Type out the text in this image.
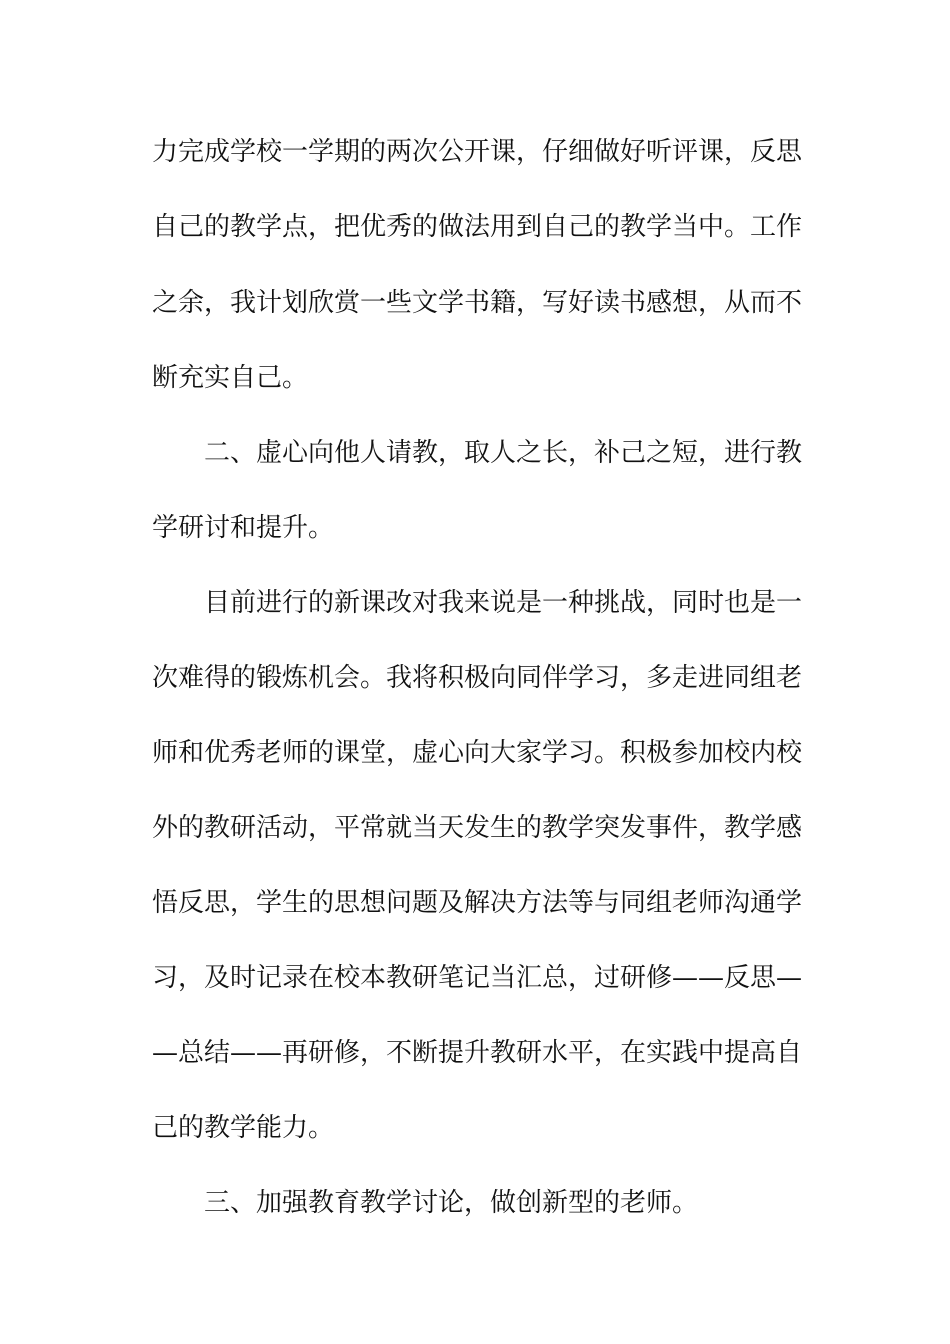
力完成学校一学期的两次公开课，仔细做好听评课，反思
自己的教学点，把优秀的做法用到自己的教学当中。工作
之余，我计划欣赏一些文学书籍，写好读书感想，从而不
断充实自己。
二、虚心向他人请教，取人之长，补己之短，进行教
学研讨和提升。
目前进行的新课改对我来说是一种挑战，同时也是一
次难得的锻炼机会。我将积极向同伴学习，多走进同组老
师和优秀老师的课堂，虚心向大家学习。积极参加校内校
外的教研活动，平常就当天发生的教学突发事件，教学感
悟反思，学生的思想问题及解决方法等与同组老师沟通学
习，及时记录在校本教研笔记当汇总，过研修——反思—
—总结——再研修，不断提升教研水平，在实践中提高自
己的教学能力。
三、加强教育教学讨论，做创新型的老师。
